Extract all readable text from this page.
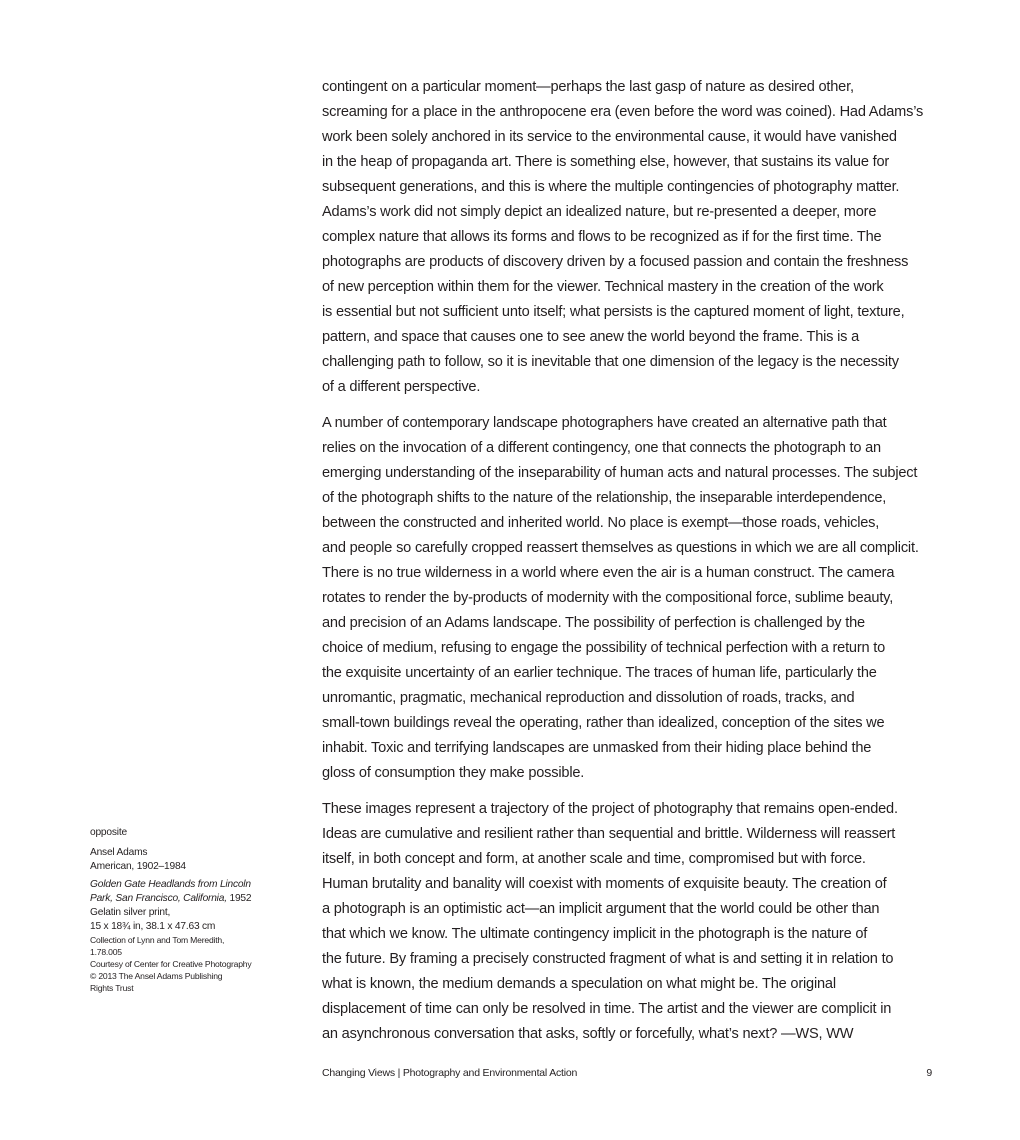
contingent on a particular moment—perhaps the last gasp of nature as desired other,
screaming for a place in the anthropocene era (even before the word was coined). Had Adams’s
work been solely anchored in its service to the environmental cause, it would have vanished
in the heap of propaganda art. There is something else, however, that sustains its value for
subsequent generations, and this is where the multiple contingencies of photography matter.
Adams’s work did not simply depict an idealized nature, but re-presented a deeper, more
complex nature that allows its forms and flows to be recognized as if for the first time. The
photographs are products of discovery driven by a focused passion and contain the freshness
of new perception within them for the viewer. Technical mastery in the creation of the work
is essential but not sufficient unto itself; what persists is the captured moment of light, texture,
pattern, and space that causes one to see anew the world beyond the frame. This is a
challenging path to follow, so it is inevitable that one dimension of the legacy is the necessity
of a different perspective.

A number of contemporary landscape photographers have created an alternative path that
relies on the invocation of a different contingency, one that connects the photograph to an
emerging understanding of the inseparability of human acts and natural processes. The subject
of the photograph shifts to the nature of the relationship, the inseparable interdependence,
between the constructed and inherited world. No place is exempt—those roads, vehicles,
and people so carefully cropped reassert themselves as questions in which we are all complicit.
There is no true wilderness in a world where even the air is a human construct. The camera
rotates to render the by-products of modernity with the compositional force, sublime beauty,
and precision of an Adams landscape. The possibility of perfection is challenged by the
choice of medium, refusing to engage the possibility of technical perfection with a return to
the exquisite uncertainty of an earlier technique. The traces of human life, particularly the
unromantic, pragmatic, mechanical reproduction and dissolution of roads, tracks, and
small-town buildings reveal the operating, rather than idealized, conception of the sites we
inhabit. Toxic and terrifying landscapes are unmasked from their hiding place behind the
gloss of consumption they make possible.

These images represent a trajectory of the project of photography that remains open-ended.
Ideas are cumulative and resilient rather than sequential and brittle. Wilderness will reassert
itself, in both concept and form, at another scale and time, compromised but with force.
Human brutality and banality will coexist with moments of exquisite beauty. The creation of
a photograph is an optimistic act—an implicit argument that the world could be other than
that which we know. The ultimate contingency implicit in the photograph is the nature of
the future. By framing a precisely constructed fragment of what is and setting it in relation to
what is known, the medium demands a speculation on what might be. The original
displacement of time can only be resolved in time. The artist and the viewer are complicit in
an asynchronous conversation that asks, softly or forcefully, what’s next? —WS, WW

opposite
Ansel Adams
American, 1902–1984
Golden Gate Headlands from Lincoln
Park, San Francisco, California, 1952
Gelatin silver print,
15 x 18¾ in, 38.1 x 47.63 cm
Collection of Lynn and Tom Meredith,
1.78.005
Courtesy of Center for Creative Photography
© 2013 The Ansel Adams Publishing
Rights Trust
Changing Views | Photography and Environmental Action	9
